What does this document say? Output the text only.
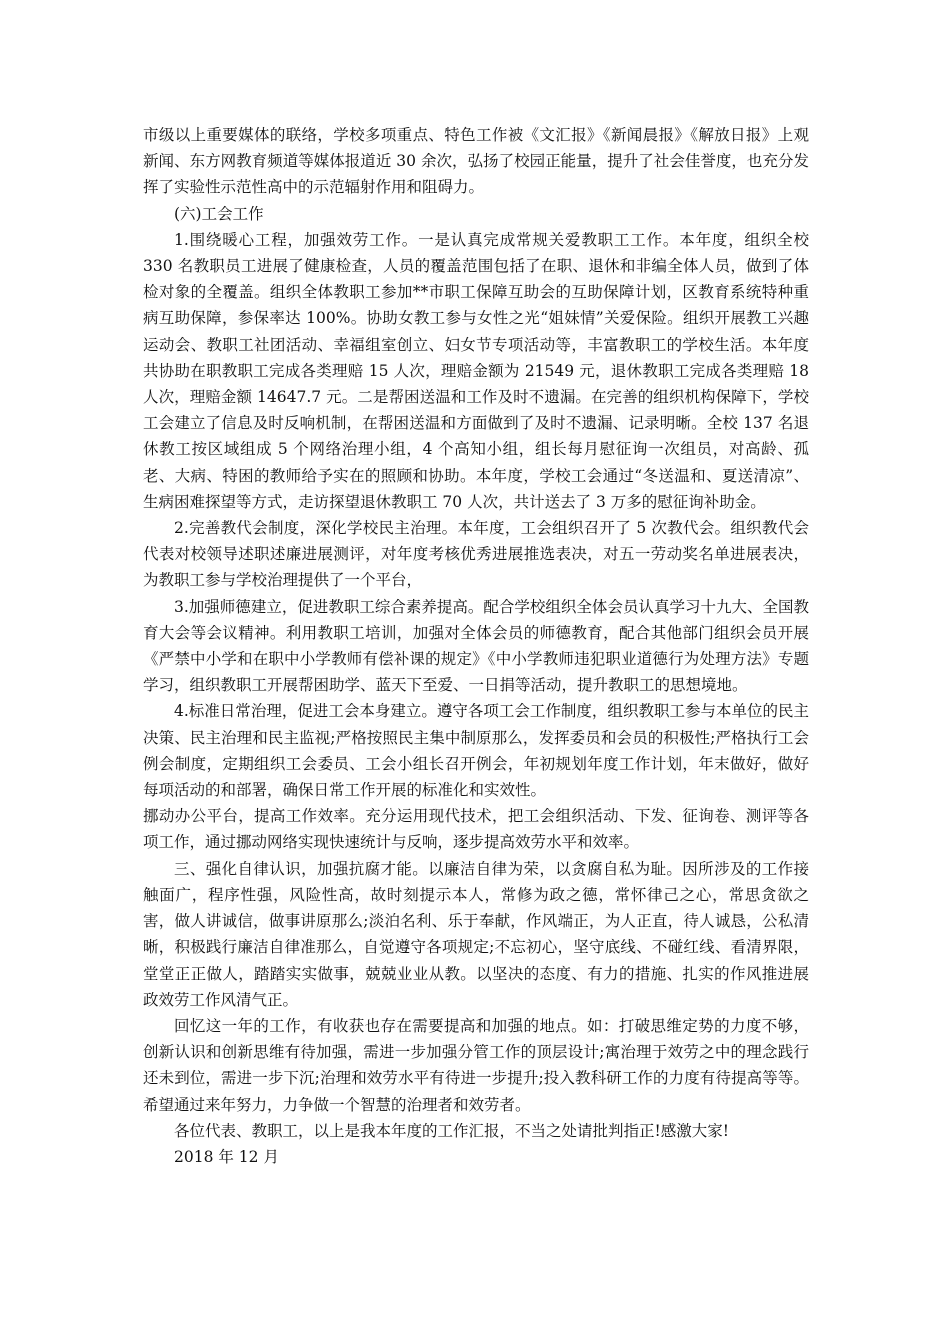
市级以上重要媒体的联络，学校多项重点、特色工作被《文汇报》《新闻晨报》《解放日报》上观新闻、东方网教育频道等媒体报道近 30 余次，弘扬了校园正能量，提升了社会佳誉度，也充分发挥了实验性示范性高中的示范辐射作用和阻碍力。

(六)工会工作

1.围绕暖心工程，加强效劳工作。一是认真完成常规关爱教职工工作。本年度，组织全校 330 名教职员工进展了健康检查，人员的覆盖范围包括了在职、退休和非编全体人员，做到了体检对象的全覆盖。组织全体教职工参加**市职工保障互助会的互助保障计划，区教育系统特种重病互助保障，参保率达 100%。协助女教工参与女性之光“姐妹情”关爱保险。组织开展教工兴趣运动会、教职工社团活动、幸福组室创立、妇女节专项活动等，丰富教职工的学校生活。本年度共协助在职教职工完成各类理赔 15 人次，理赔金额为 21549 元，退休教职工完成各类理赔 18 人次，理赔金额 14647.7 元。二是帮困送温和工作及时不遗漏。在完善的组织机构保障下，学校工会建立了信息及时反响机制，在帮困送温和方面做到了及时不遗漏、记录明晰。全校 137 名退休教工按区域组成 5 个网络治理小组，4 个高知小组，组长每月慰征询一次组员，对高龄、孤老、大病、特困的教师给予实在的照顾和协助。本年度，学校工会通过“冬送温和、夏送清凉”、生病困难探望等方式，走访探望退休教职工 70 人次，共计送去了 3 万多的慰征询补助金。

2.完善教代会制度，深化学校民主治理。本年度，工会组织召开了 5 次教代会。组织教代会代表对校领导述职述廉进展测评，对年度考核优秀进展推选表决，对五一劳动奖名单进展表决，为教职工参与学校治理提供了一个平台，

3.加强师德建立，促进教职工综合素养提高。配合学校组织全体会员认真学习十九大、全国教育大会等会议精神。利用教职工培训，加强对全体会员的师德教育，配合其他部门组织会员开展《严禁中小学和在职中小学教师有偿补课的规定》《中小学教师违犯职业道德行为处理方法》专题学习，组织教职工开展帮困助学、蓝天下至爱、一日捐等活动，提升教职工的思想境地。

4.标准日常治理，促进工会本身建立。遵守各项工会工作制度，组织教职工参与本单位的民主决策、民主治理和民主监视;严格按照民主集中制原那么，发挥委员和会员的积极性;严格执行工会例会制度，定期组织工会委员、工会小组长召开例会，年初规划年度工作计划，年末做好，做好每项活动的和部署，确保日常工作开展的标准化和实效性。

挪动办公平台，提高工作效率。充分运用现代技术，把工会组织活动、下发、征询卷、测评等各项工作，通过挪动网络实现快速统计与反响，逐步提高效劳水平和效率。

三、强化自律认识，加强抗腐才能。以廉洁自律为荣，以贪腐自私为耻。因所涉及的工作接触面广，程序性强，风险性高，故时刻提示本人，常修为政之德，常怀律己之心，常思贪欲之害，做人讲诚信，做事讲原那么;淡泊名利、乐于奉献，作风端正，为人正直，待人诚恳，公私清晰，积极践行廉洁自律准那么，自觉遵守各项规定;不忘初心，坚守底线、不碰红线、看清界限，堂堂正正做人，踏踏实实做事，兢兢业业从教。以坚决的态度、有力的措施、扎实的作风推进展政效劳工作风清气正。

回忆这一年的工作，有收获也存在需要提高和加强的地点。如：打破思维定势的力度不够，创新认识和创新思维有待加强，需进一步加强分管工作的顶层设计;寓治理于效劳之中的理念践行还未到位，需进一步下沉;治理和效劳水平有待进一步提升;投入教科研工作的力度有待提高等等。希望通过来年努力，力争做一个智慧的治理者和效劳者。

各位代表、教职工，以上是我本年度的工作汇报，不当之处请批判指正!感激大家!

2018 年 12 月
